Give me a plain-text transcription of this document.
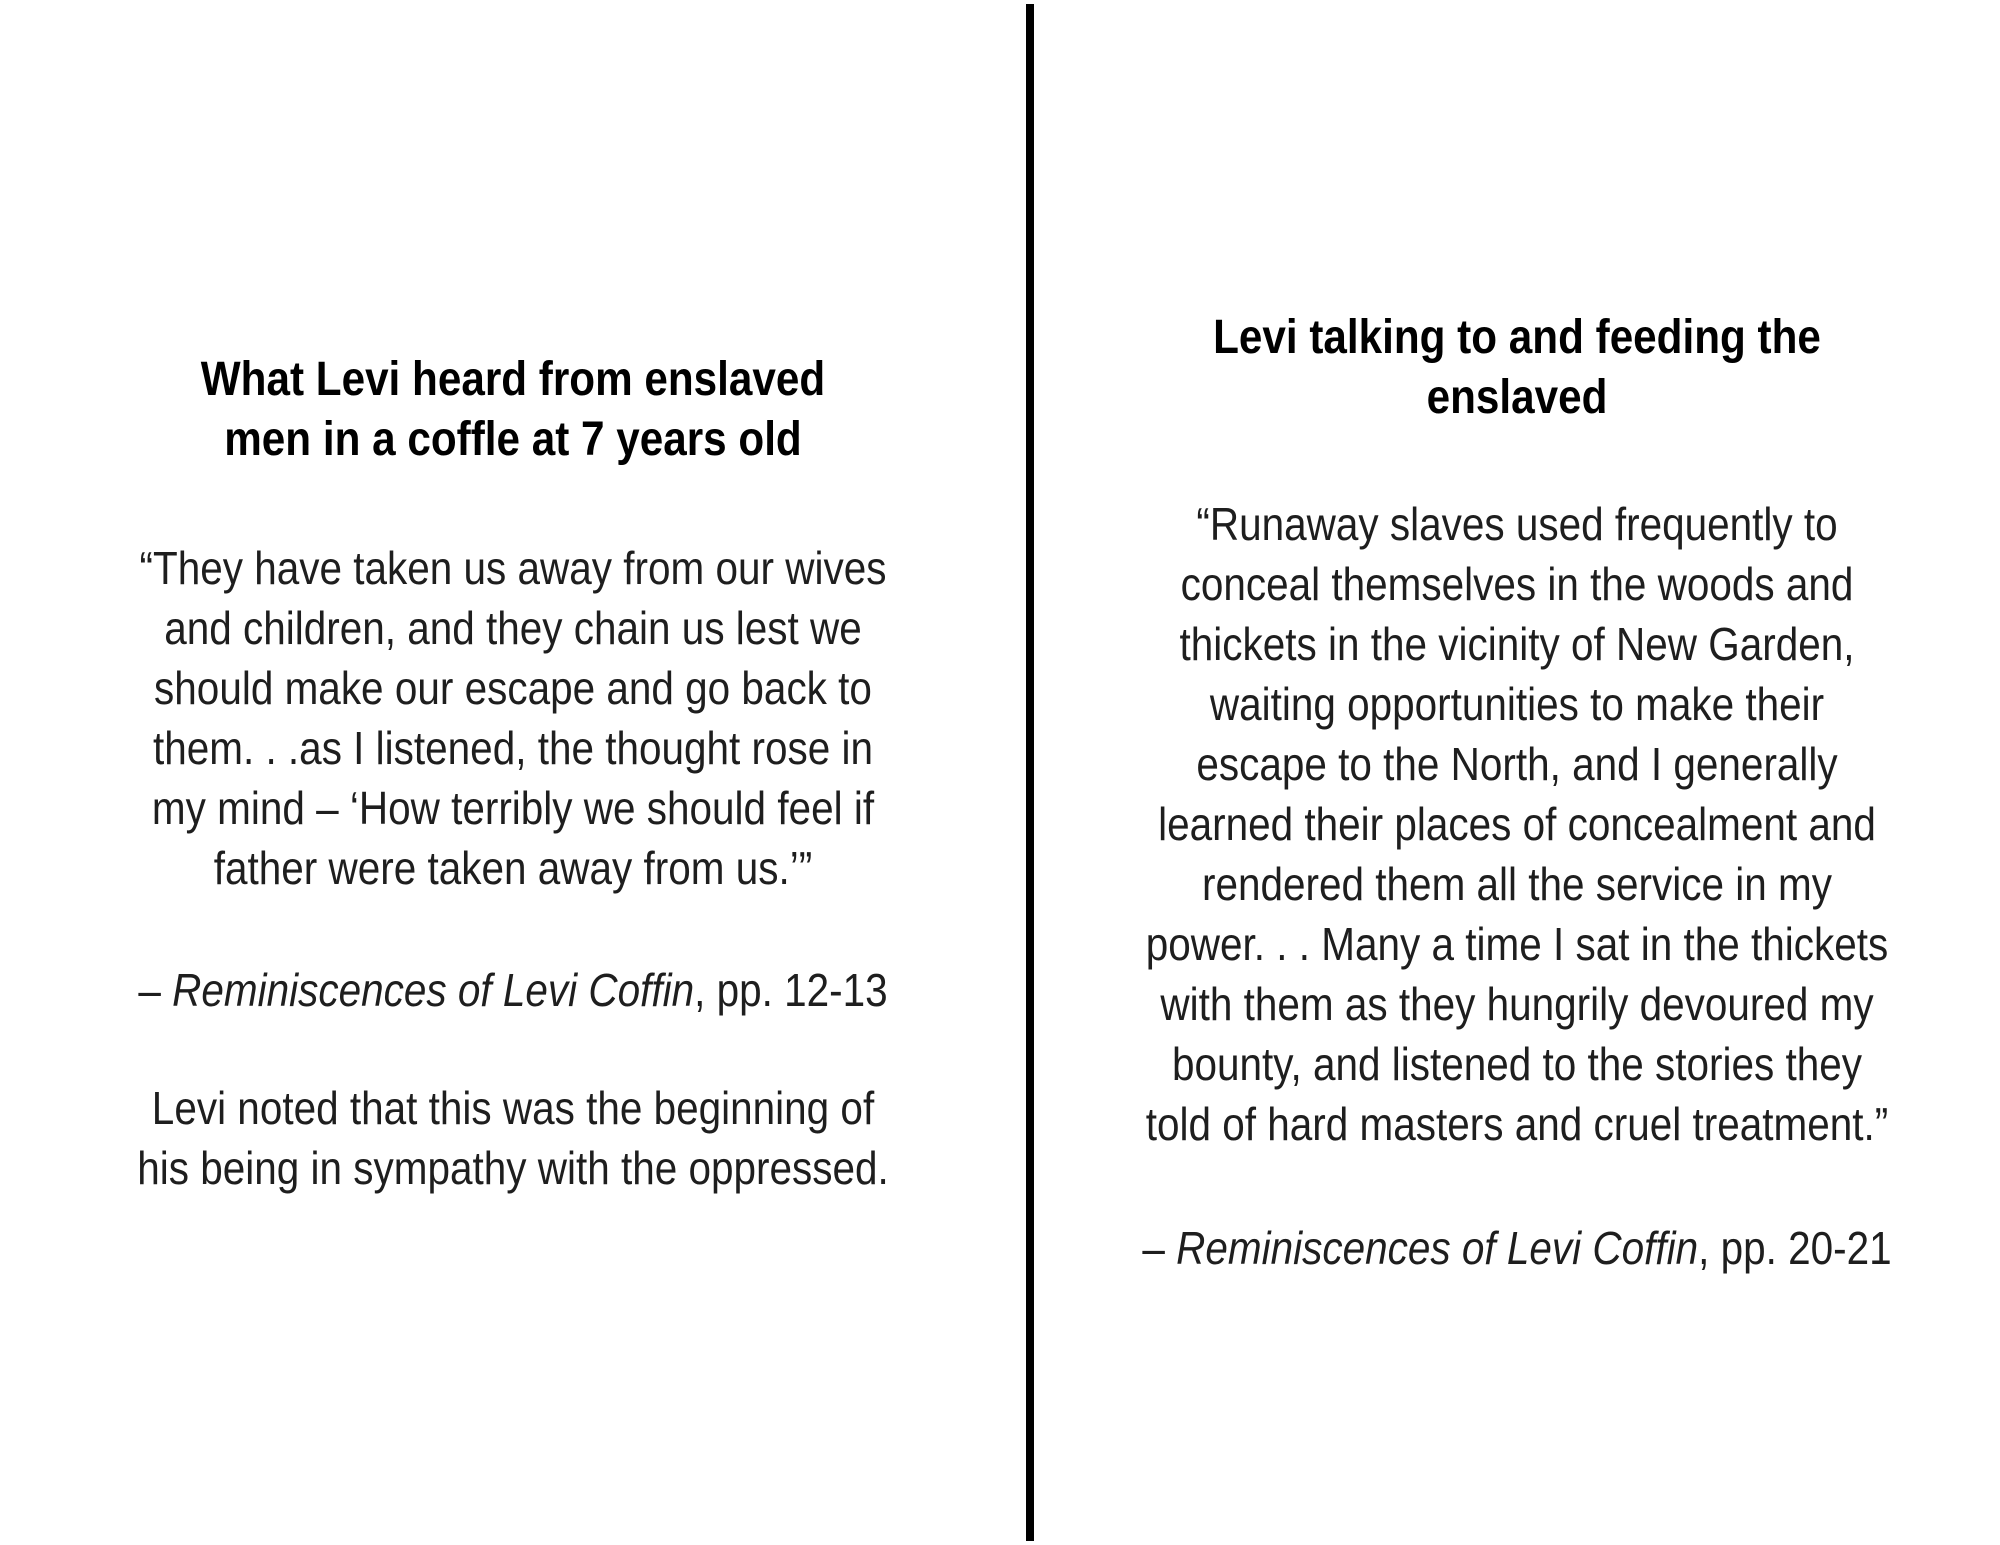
What Levi heard from enslaved
men in a coffle at 7 years old
“They have taken us away from our wives
and children, and they chain us lest we
should make our escape and go back to
them. . .as I listened, the thought rose in
my mind – ‘How terribly we should feel if
father were taken away from us.’”
– Reminiscences of Levi Coffin, pp. 12-13
Levi noted that this was the beginning of
his being in sympathy with the oppressed.
Levi talking to and feeding the
enslaved
“Runaway slaves used frequently to
conceal themselves in the woods and
thickets in the vicinity of New Garden,
waiting opportunities to make their
escape to the North, and I generally
learned their places of concealment and
rendered them all the service in my
power. . . Many a time I sat in the thickets
with them as they hungrily devoured my
bounty, and listened to the stories they
told of hard masters and cruel treatment.”
– Reminiscences of Levi Coffin, pp. 20-21
